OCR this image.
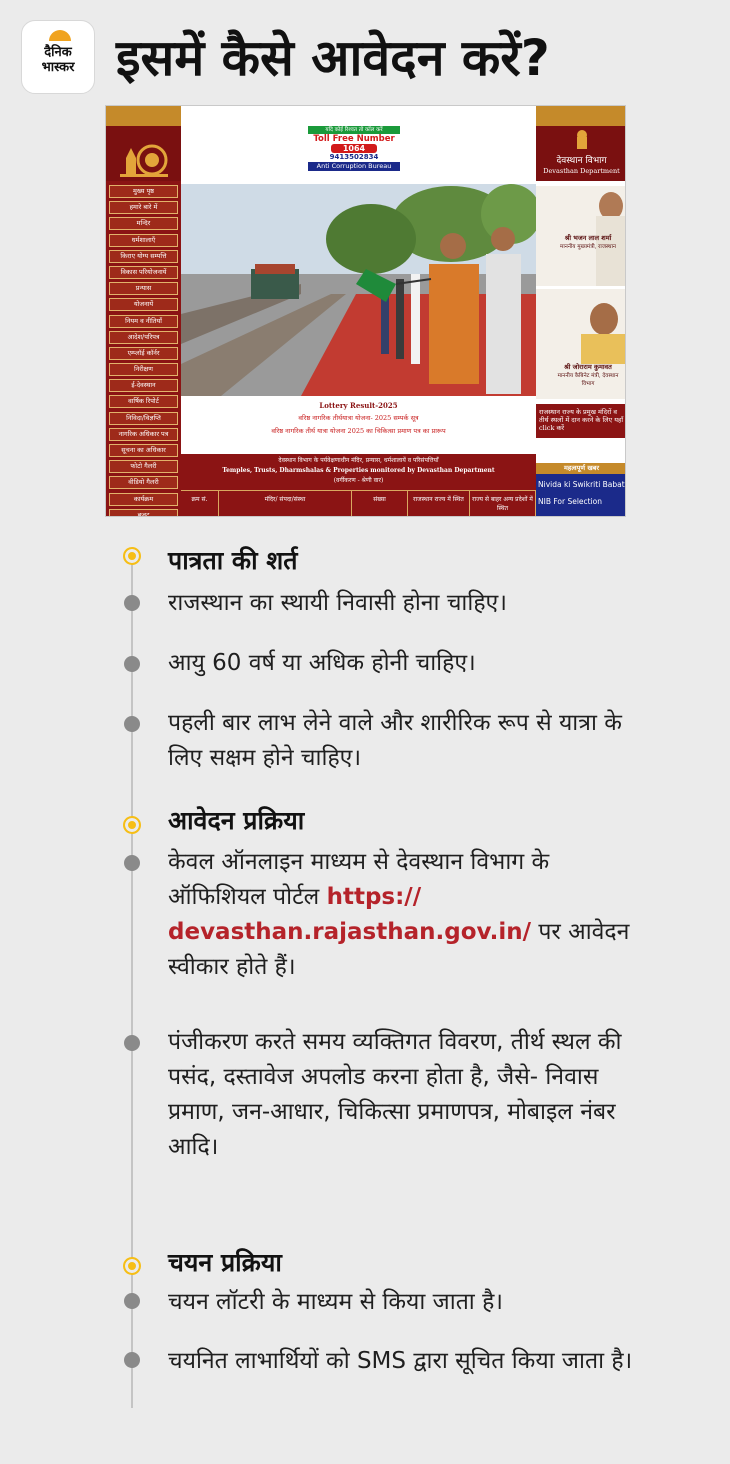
दैनिक
भास्कर इसमें कैसे आवेदन करें?
मुख्य पृष्ठ
हमारे बारे में
मन्दिर
धर्मशालाएँ
किराए योग्य सम्पत्ति
विकास परियोजनायें
प्रन्यास
योजनायें
नियम व नीतियाँ
आदेश/परिपत्र
एम्प्लॉई कॉर्नर
निरीक्षण
ई-देवस्थान
वार्षिक रिपोर्ट
निविदा/विज्ञप्ति
नागरिक अधिकार पत्र
सूचना का अधिकार
फोटो गैलरी
वीडियो गैलरी
कार्यक्रम
बजट
यदि कोई रिश्वत तो कॉल करें
Toll Free Number
1064
9413502834
Anti Corruption Bureau
Lottery Result-2025
वरिष्ठ नागरिक तीर्थयात्रा योजना- 2025 सम्पर्क सूत्र
वरिष्ठ नागरिक तीर्थ यात्रा योजना 2025 का चिकित्सा प्रमाण पत्र का प्रारूप
देवस्थान विभाग के पर्यवेक्षणाधीन मंदिर, प्रन्यास, धर्मशालायें व परिसंपत्तियाँ
Temples, Trusts, Dharmshalas & Properties monitored by Devasthan Department
(वर्गीकरण - श्रेणी वार)
क्रम सं.	मंदिर/ संपदा/संस्था	संख्या	राजस्थान राज्य में स्थित	राज्य से बाहर अन्य प्रदेशों में स्थित
देवस्थान विभाग
Devasthan Department
श्री भजन लाल शर्मा
माननीय मुख्यमंत्री, राजस्थान
श्री जोराराम कुमावत
माननीय कैबिनेट मंत्री, देवस्थान विभाग
राजस्थान राज्य के प्रमुख मंदिरों व तीर्थ स्थलों में दान करने के लिए यहाँ click करें
महत्वपूर्ण खबर
Nivida ki Swikriti Babat
NIB For Selection
पात्रता की शर्त
राजस्थान का स्थायी निवासी होना चाहिए।
आयु 60 वर्ष या अधिक होनी चाहिए।
पहली बार लाभ लेने वाले और शारीरिक रूप से यात्रा के लिए सक्षम होने चाहिए।
आवेदन प्रक्रिया
केवल ऑनलाइन माध्यम से देवस्थान विभाग के ऑफिशियल पोर्टल https:// devasthan.rajasthan.gov.in/ पर आवेदन स्वीकार होते हैं।
पंजीकरण करते समय व्यक्तिगत विवरण, तीर्थ स्थल की पसंद, दस्तावेज अपलोड करना होता है, जैसे- निवास प्रमाण, जन-आधार, चिकित्सा प्रमाणपत्र, मोबाइल नंबर आदि।
चयन प्रक्रिया
चयन लॉटरी के माध्यम से किया जाता है।
चयनित लाभार्थियों को SMS द्वारा सूचित किया जाता है।
